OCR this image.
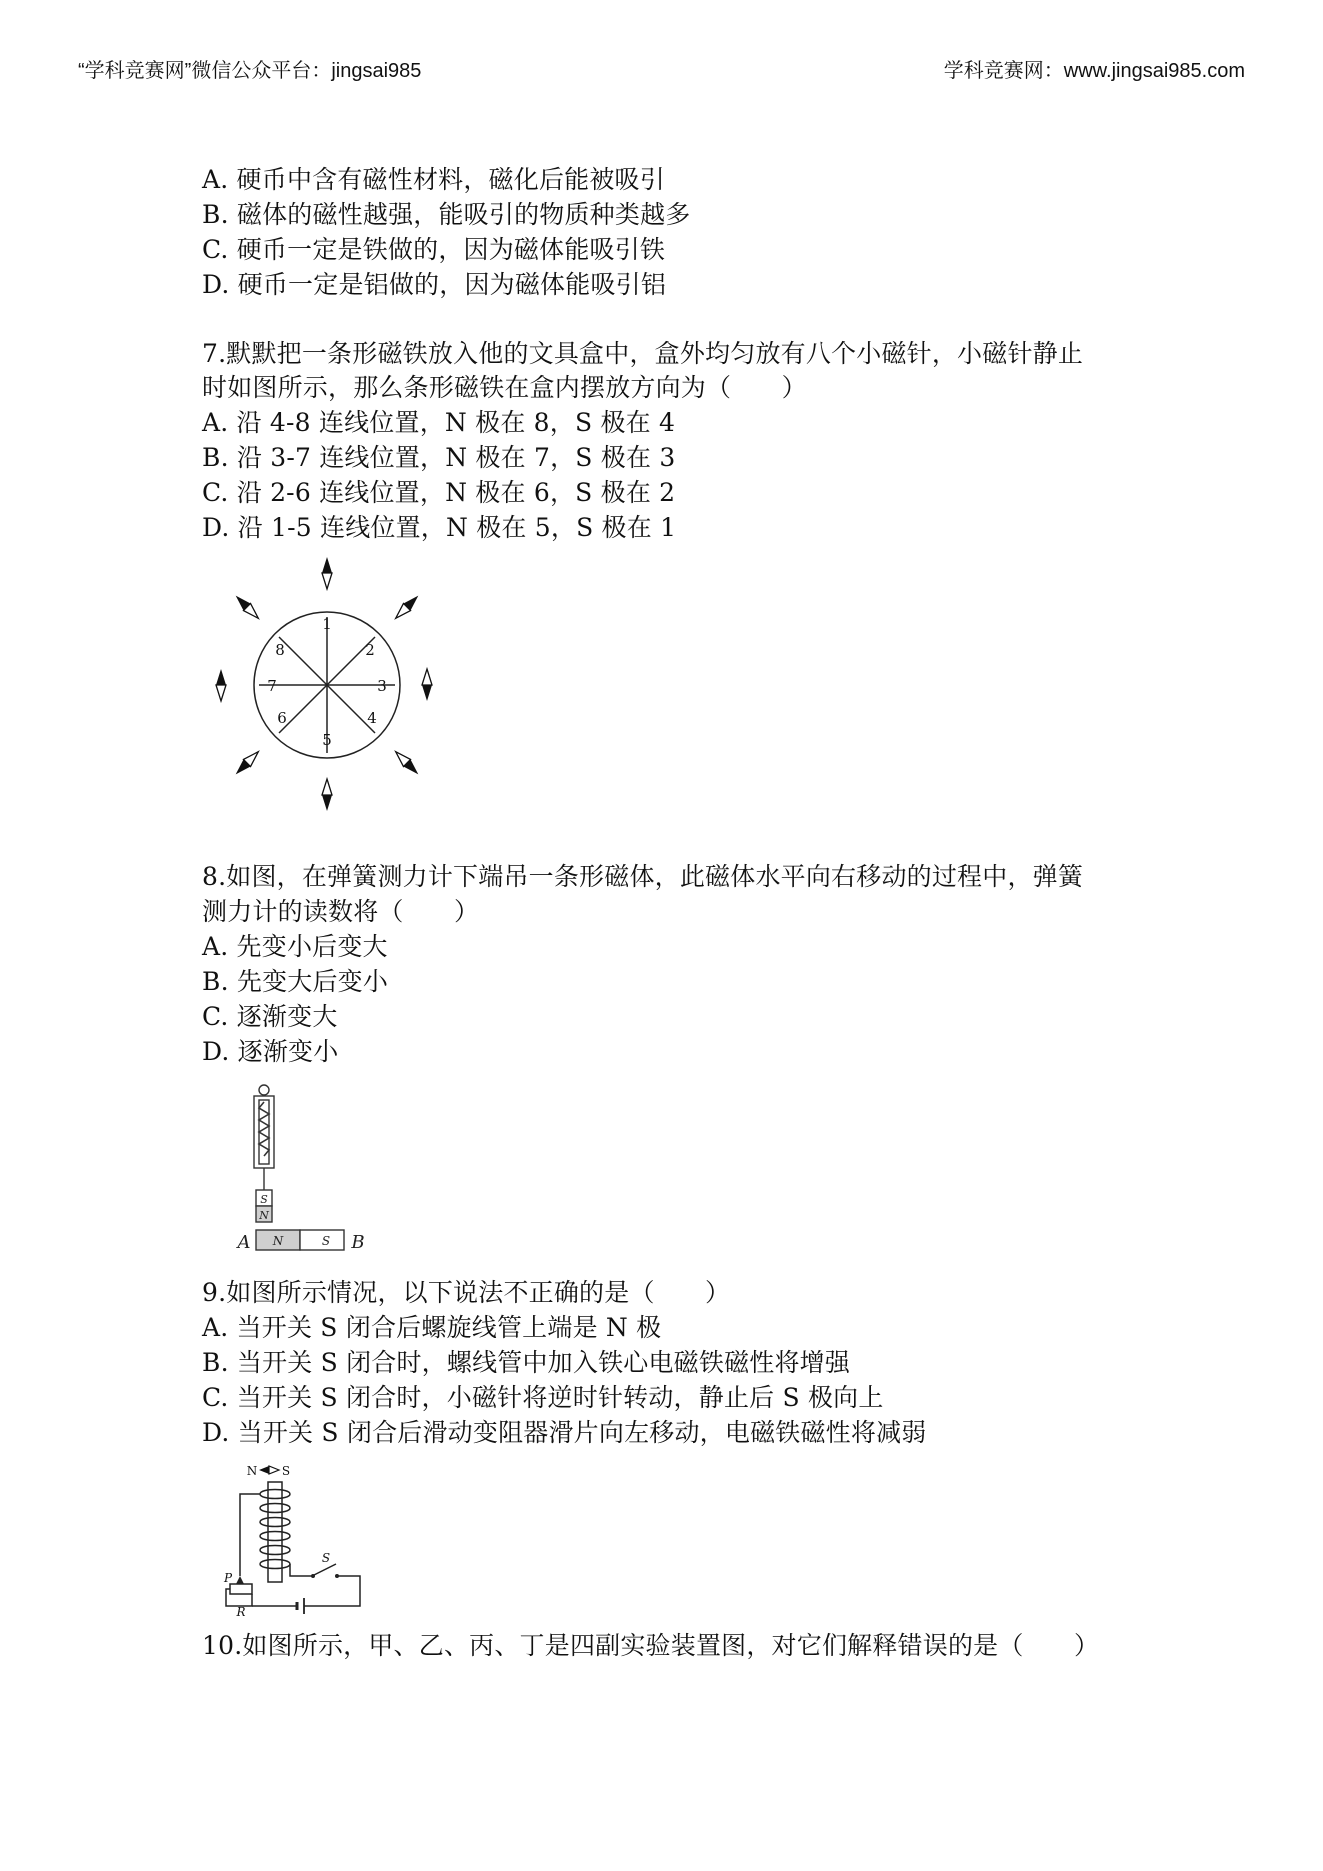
“学科竞赛网”微信公众平台：jingsai985	学科竞赛网：www.jingsai985.com
A. 硬币中含有磁性材料，磁化后能被吸引
B. 磁体的磁性越强，能吸引的物质种类越多
C. 硬币一定是铁做的，因为磁体能吸引铁
D. 硬币一定是铝做的，因为磁体能吸引铝
7.默默把一条形磁铁放入他的文具盒中，盒外均匀放有八个小磁针，小磁针静止
时如图所示，那么条形磁铁在盒内摆放方向为（　　）
A. 沿 4-8 连线位置，N 极在 8，S 极在 4
B. 沿 3-7 连线位置，N 极在 7，S 极在 3
C. 沿 2-6 连线位置，N 极在 6，S 极在 2
D. 沿 1-5 连线位置，N 极在 5，S 极在 1
1
2
3
4
5
6
7
8
8.如图，在弹簧测力计下端吊一条形磁体，此磁体水平向右移动的过程中，弹簧
测力计的读数将（　　）
A. 先变小后变大
B. 先变大后变小
C. 逐渐变大
D. 逐渐变小
S
N
N	S
A	B
9.如图所示情况，以下说法不正确的是（　　）
A. 当开关 S 闭合后螺旋线管上端是 N 极
B. 当开关 S 闭合时，螺线管中加入铁心电磁铁磁性将增强
C. 当开关 S 闭合时，小磁针将逆时针转动，静止后 S 极向上
D. 当开关 S 闭合后滑动变阻器滑片向左移动，电磁铁磁性将减弱
N S
S
P
R
10.如图所示，甲、乙、丙、丁是四副实验装置图，对它们解释错误的是（　　）
